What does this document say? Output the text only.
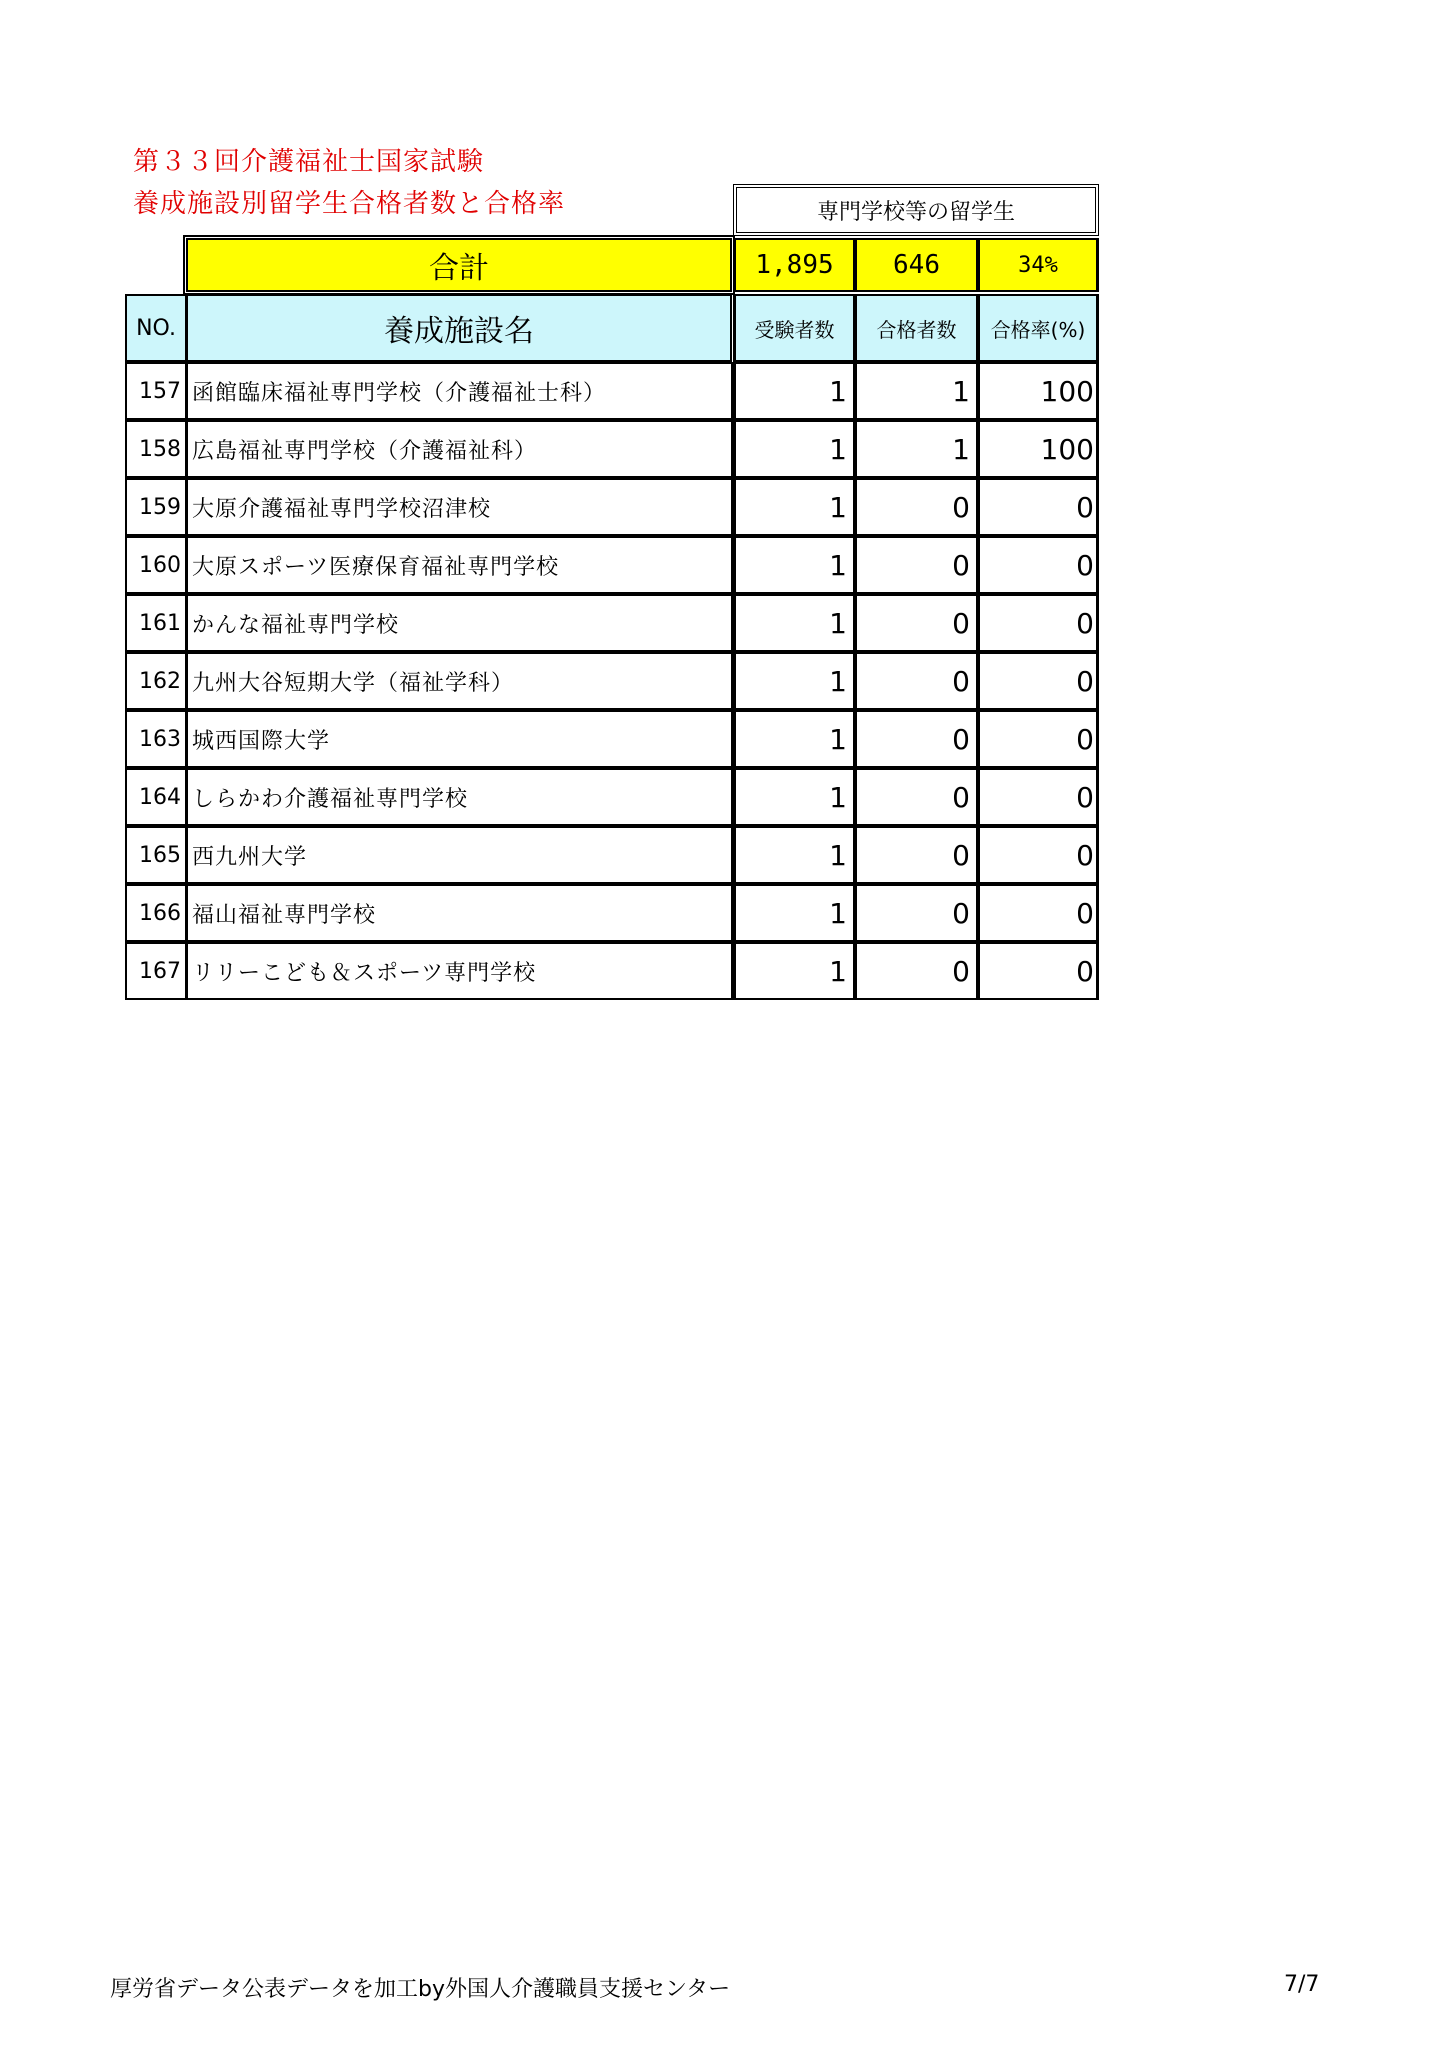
第３３回介護福祉士国家試験
養成施設別留学生合格者数と合格率	専門学校等の留学生
合計	1,895	646	34%
NO.	養成施設名	受験者数	合格者数	合格率(%)
157 函館臨床福祉専門学校（介護福祉士科）	1	1	100
158 広島福祉専門学校（介護福祉科）	1	1	100
159 大原介護福祉専門学校沼津校	1	0	0
160 大原スポーツ医療保育福祉専門学校	1	0	0
161 かんな福祉専門学校	1	0	0
162 九州大谷短期大学（福祉学科）	1	0	0
163 城西国際大学	1	0	0
164 しらかわ介護福祉専門学校	1	0	0
165 西九州大学	1	0	0
166 福山福祉専門学校	1	0	0
167 リリーこども＆スポーツ専門学校	1	0	0
厚労省データ公表データを加工by外国人介護職員支援センター	7/7
